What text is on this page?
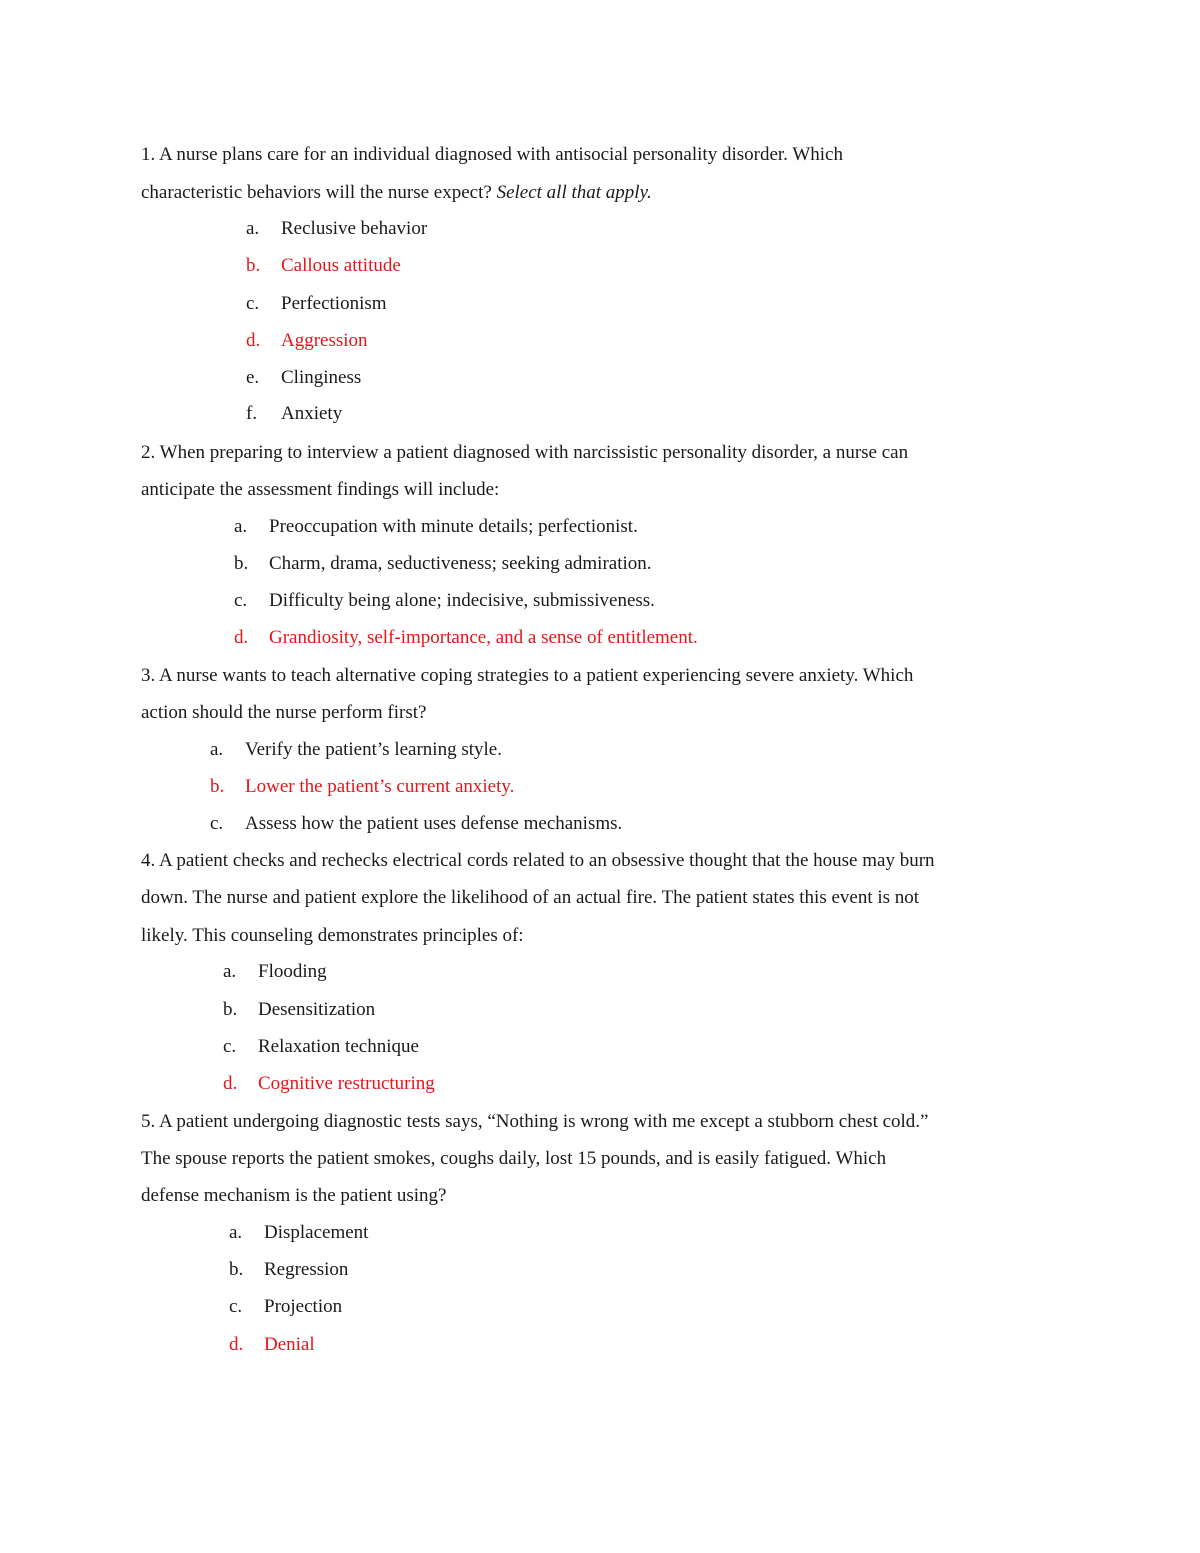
1. A nurse plans care for an individual diagnosed with antisocial personality disorder. Which
characteristic behaviors will the nurse expect? Select all that apply.
a. Reclusive behavior
b. Callous attitude
c. Perfectionism
d. Aggression
e. Clinginess
f. Anxiety
2. When preparing to interview a patient diagnosed with narcissistic personality disorder, a nurse can
anticipate the assessment findings will include:
a. Preoccupation with minute details; perfectionist.
b. Charm, drama, seductiveness; seeking admiration.
c. Difficulty being alone; indecisive, submissiveness.
d. Grandiosity, self-importance, and a sense of entitlement.
3. A nurse wants to teach alternative coping strategies to a patient experiencing severe anxiety. Which
action should the nurse perform first?
a. Verify the patient’s learning style.
b. Lower the patient’s current anxiety.
c. Assess how the patient uses defense mechanisms.
4. A patient checks and rechecks electrical cords related to an obsessive thought that the house may burn
down. The nurse and patient explore the likelihood of an actual fire. The patient states this event is not
likely. This counseling demonstrates principles of:
a. Flooding
b. Desensitization
c. Relaxation technique
d. Cognitive restructuring
5. A patient undergoing diagnostic tests says, “Nothing is wrong with me except a stubborn chest cold.”
The spouse reports the patient smokes, coughs daily, lost 15 pounds, and is easily fatigued. Which
defense mechanism is the patient using?
a. Displacement
b. Regression
c. Projection
d. Denial
